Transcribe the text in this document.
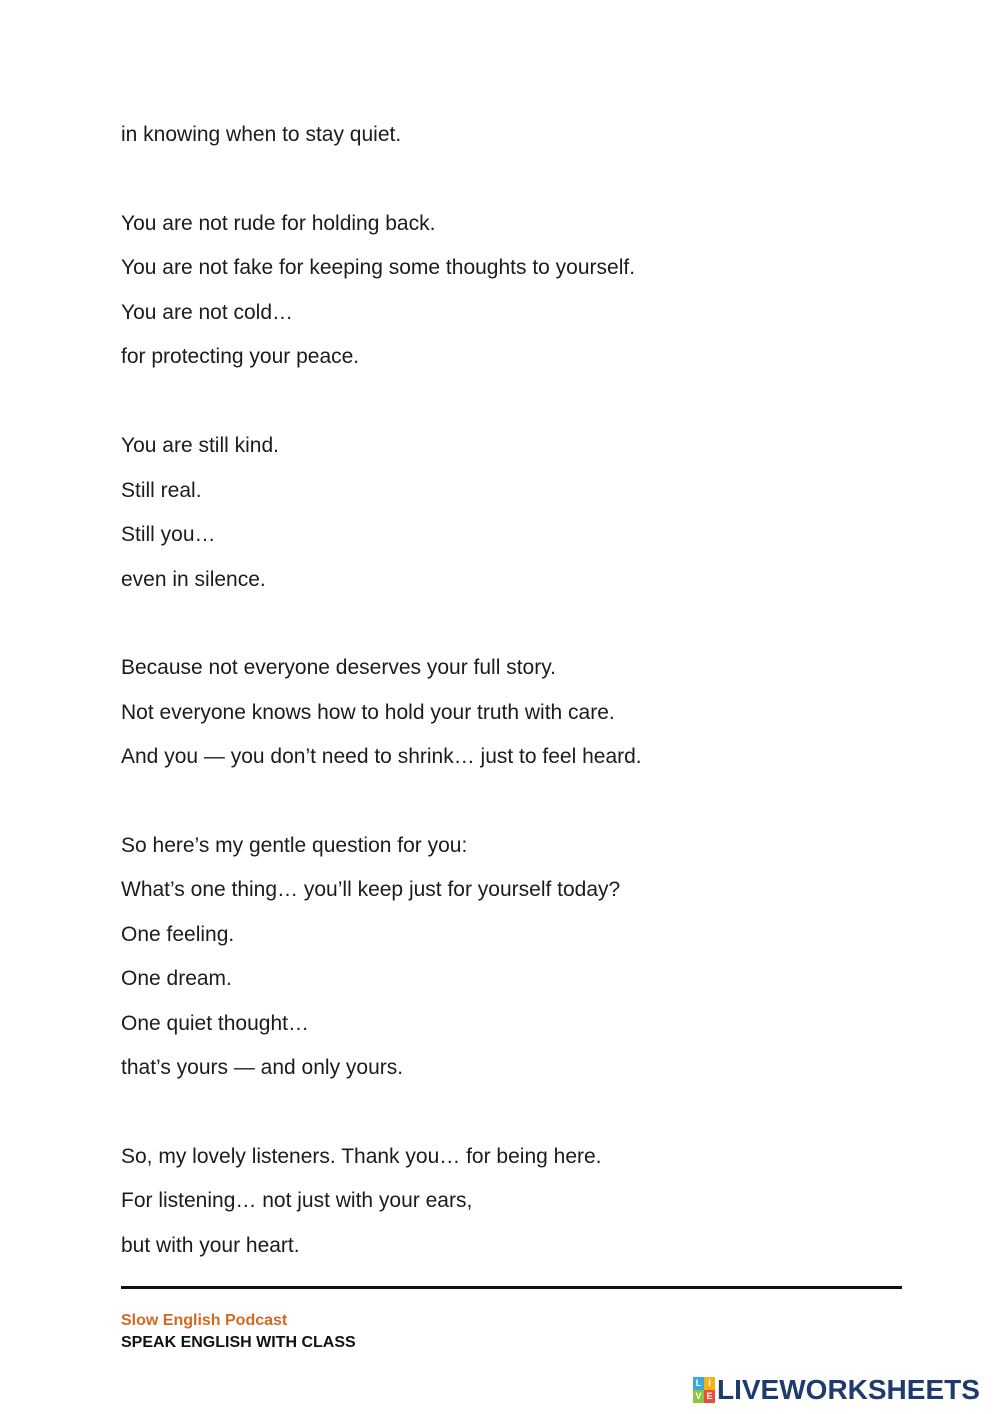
in knowing when to stay quiet.
You are not rude for holding back.
You are not fake for keeping some thoughts to yourself.
You are not cold…
for protecting your peace.
You are still kind.
Still real.
Still you…
even in silence.
Because not everyone deserves your full story.
Not everyone knows how to hold your truth with care.
And you — you don’t need to shrink… just to feel heard.
So here’s my gentle question for you:
What’s one thing… you’ll keep just for yourself today?
One feeling.
One dream.
One quiet thought…
that’s yours — and only yours.
So, my lovely listeners. Thank you… for being here.
For listening… not just with your ears,
but with your heart.
Slow English Podcast
SPEAK ENGLISH WITH CLASS
L I
V E LIVEWORKSHEETS
